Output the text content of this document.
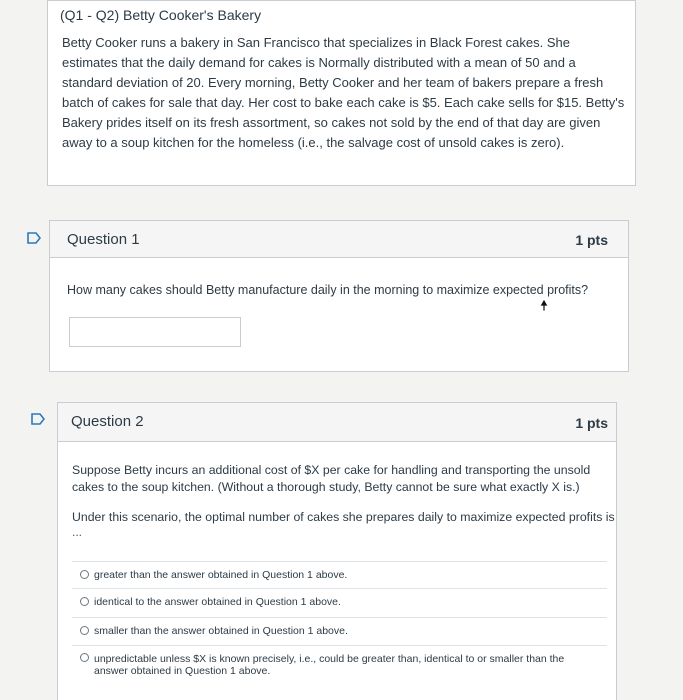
(Q1 - Q2) Betty Cooker's Bakery

Betty Cooker runs a bakery in San Francisco that specializes in Black Forest cakes. She estimates that the daily demand for cakes is Normally distributed with a mean of 50 and a standard deviation of 20. Every morning, Betty Cooker and her team of bakers prepare a fresh batch of cakes for sale that day. Her cost to bake each cake is $5. Each cake sells for $15. Betty's Bakery prides itself on its fresh assortment, so cakes not sold by the end of that day are given away to a soup kitchen for the homeless (i.e., the salvage cost of unsold cakes is zero).

Question 1	1 pts

How many cakes should Betty manufacture daily in the morning to maximize expected profits?

Question 2	1 pts

Suppose Betty incurs an additional cost of $X per cake for handling and transporting the unsold cakes to the soup kitchen. (Without a thorough study, Betty cannot be sure what exactly X is.)

Under this scenario, the optimal number of cakes she prepares daily to maximize expected profits is

...

greater than the answer obtained in Question 1 above.
identical to the answer obtained in Question 1 above.
smaller than the answer obtained in Question 1 above.
unpredictable unless $X is known precisely, i.e., could be greater than, identical to or smaller than the answer obtained in Question 1 above.
